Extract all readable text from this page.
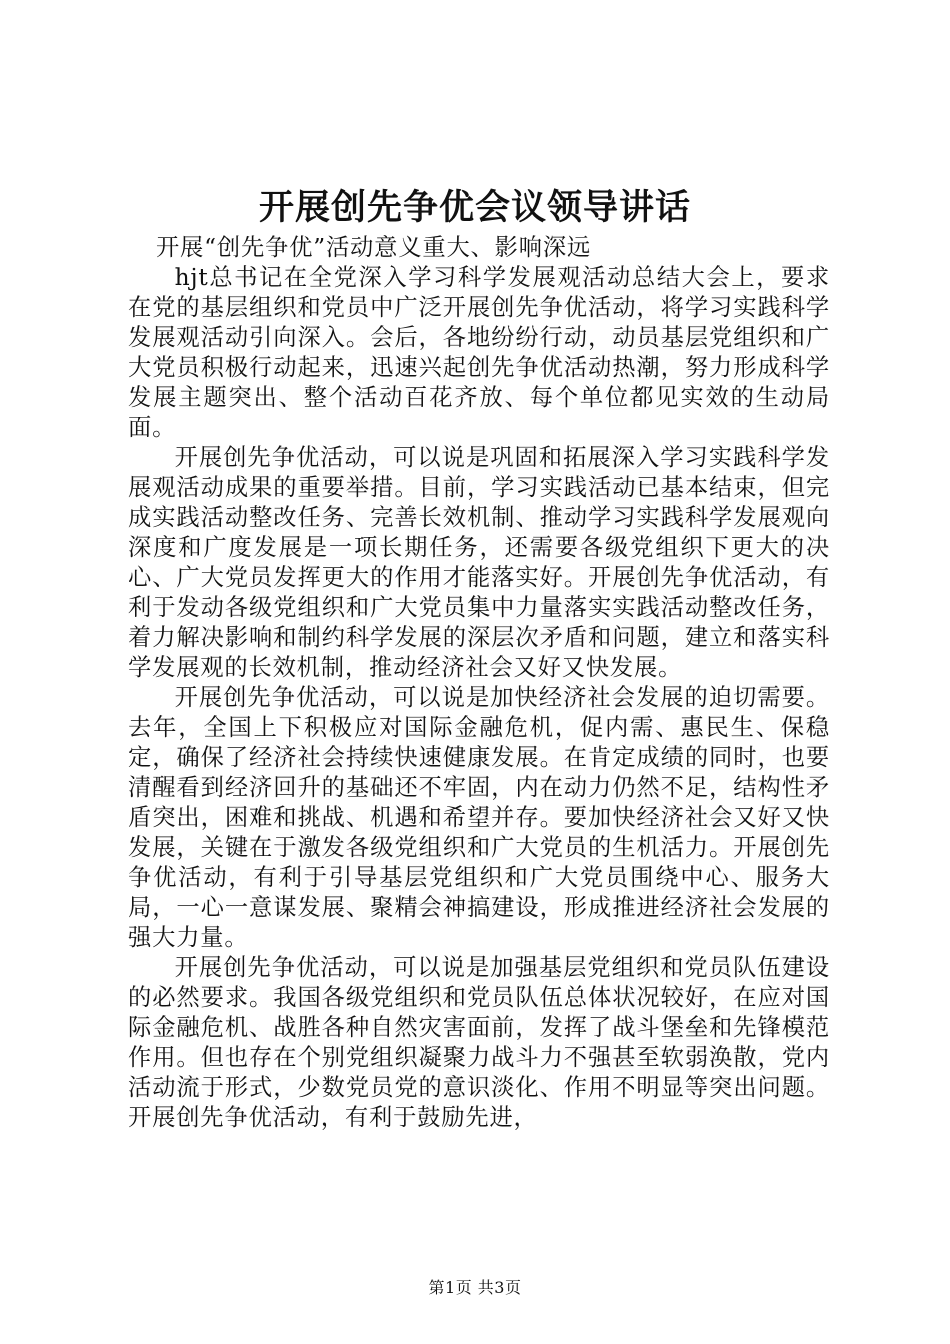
开展创先争优会议领导讲话

开展“创先争优”活动意义重大、影响深远

hjt总书记在全党深入学习科学发展观活动总结大会上，要求在党的基层组织和党员中广泛开展创先争优活动，将学习实践科学发展观活动引向深入。会后，各地纷纷行动，动员基层党组织和广大党员积极行动起来，迅速兴起创先争优活动热潮，努力形成科学发展主题突出、整个活动百花齐放、每个单位都见实效的生动局面。

开展创先争优活动，可以说是巩固和拓展深入学习实践科学发展观活动成果的重要举措。目前，学习实践活动已基本结束，但完成实践活动整改任务、完善长效机制、推动学习实践科学发展观向深度和广度发展是一项长期任务，还需要各级党组织下更大的决心、广大党员发挥更大的作用才能落实好。开展创先争优活动，有利于发动各级党组织和广大党员集中力量落实实践活动整改任务，着力解决影响和制约科学发展的深层次矛盾和问题，建立和落实科学发展观的长效机制，推动经济社会又好又快发展。

开展创先争优活动，可以说是加快经济社会发展的迫切需要。去年，全国上下积极应对国际金融危机，促内需、惠民生、保稳定，确保了经济社会持续快速健康发展。在肯定成绩的同时，也要清醒看到经济回升的基础还不牢固，内在动力仍然不足，结构性矛盾突出，困难和挑战、机遇和希望并存。要加快经济社会又好又快发展，关键在于激发各级党组织和广大党员的生机活力。开展创先争优活动，有利于引导基层党组织和广大党员围绕中心、服务大局，一心一意谋发展、聚精会神搞建设，形成推进经济社会发展的强大力量。

开展创先争优活动，可以说是加强基层党组织和党员队伍建设的必然要求。我国各级党组织和党员队伍总体状况较好，在应对国际金融危机、战胜各种自然灾害面前，发挥了战斗堡垒和先锋模范作用。但也存在个别党组织凝聚力战斗力不强甚至软弱涣散，党内活动流于形式，少数党员党的意识淡化、作用不明显等突出问题。开展创先争优活动，有利于鼓励先进，

第1页 共3页
